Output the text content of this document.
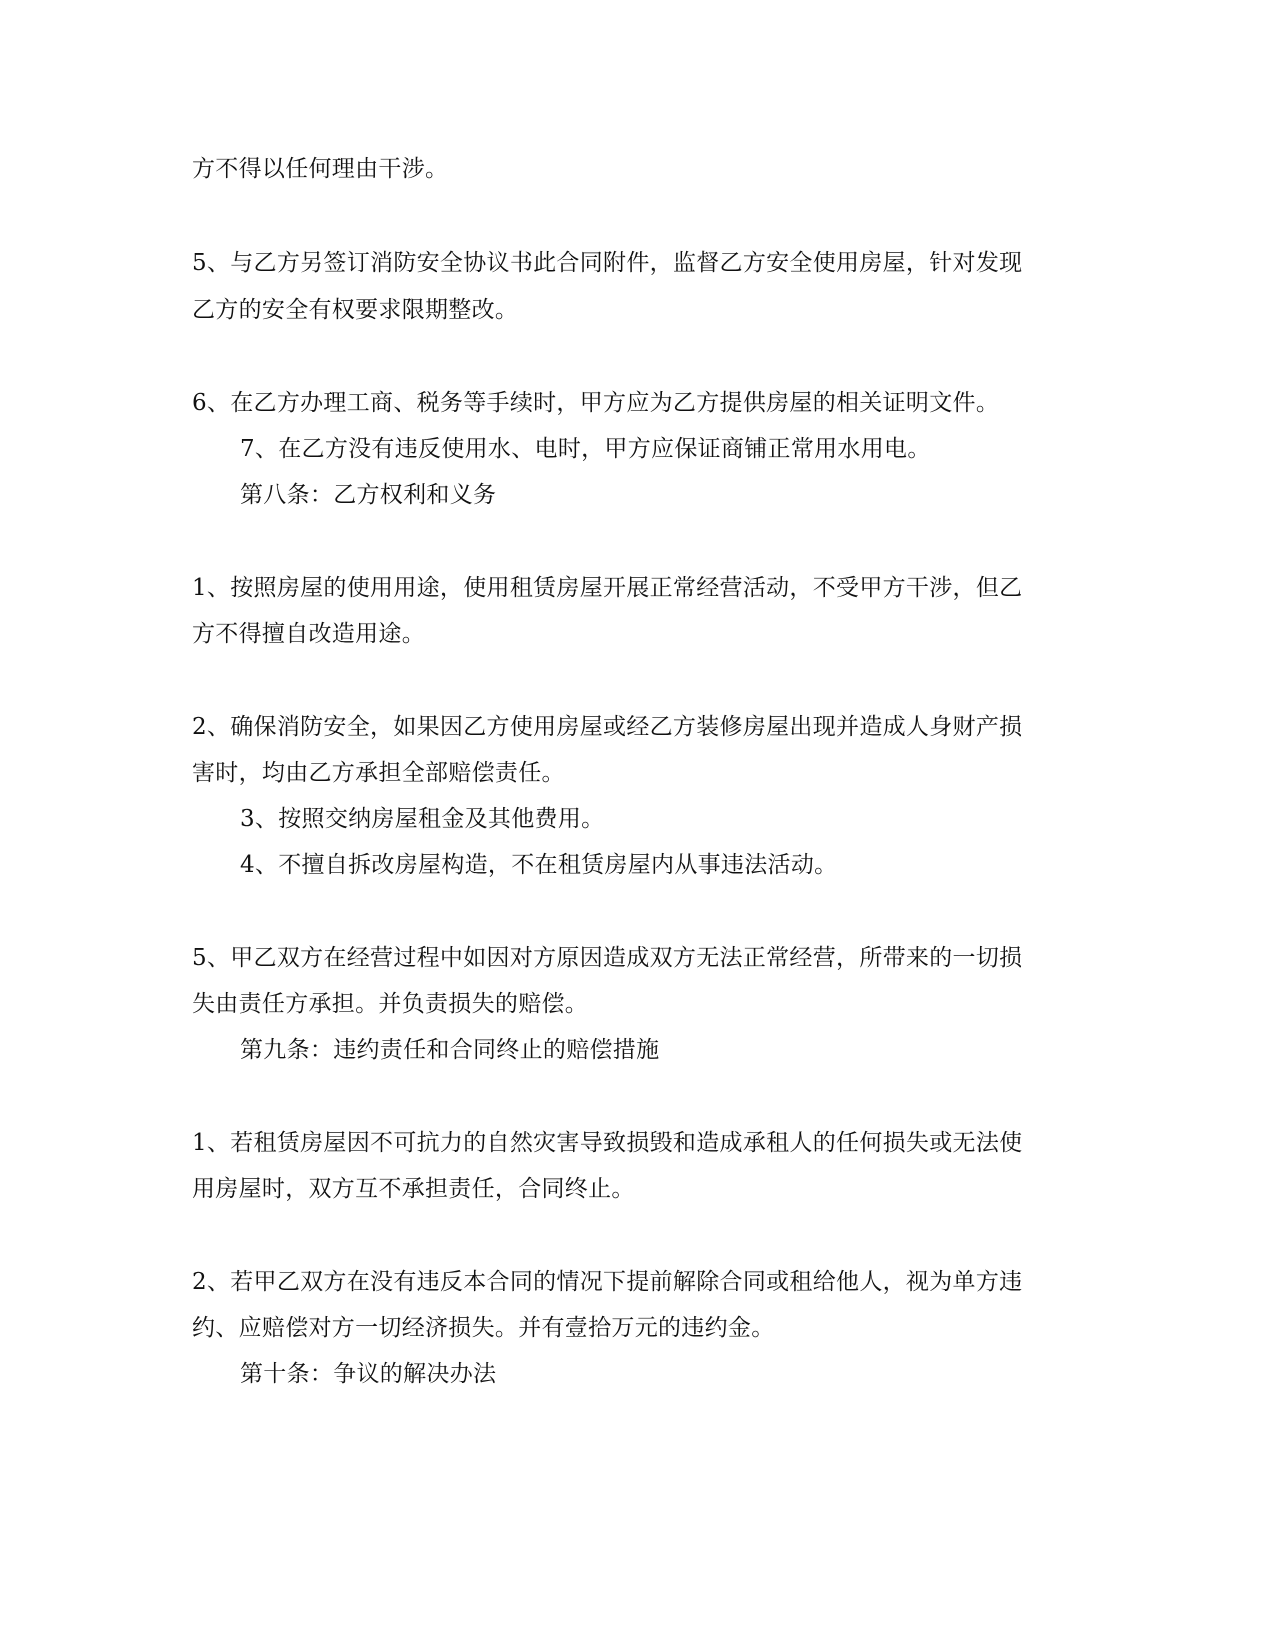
方不得以任何理由干涉。
5、与乙方另签订消防安全协议书此合同附件，监督乙方安全使用房屋，针对发现
乙方的安全有权要求限期整改。
6、在乙方办理工商、税务等手续时，甲方应为乙方提供房屋的相关证明文件。
7、在乙方没有违反使用水、电时，甲方应保证商铺正常用水用电。
第八条：乙方权利和义务
1、按照房屋的使用用途，使用租赁房屋开展正常经营活动，不受甲方干涉，但乙
方不得擅自改造用途。
2、确保消防安全，如果因乙方使用房屋或经乙方装修房屋出现并造成人身财产损
害时，均由乙方承担全部赔偿责任。
3、按照交纳房屋租金及其他费用。
4、不擅自拆改房屋构造，不在租赁房屋内从事违法活动。
5、甲乙双方在经营过程中如因对方原因造成双方无法正常经营，所带来的一切损
失由责任方承担。并负责损失的赔偿。
第九条：违约责任和合同终止的赔偿措施
1、若租赁房屋因不可抗力的自然灾害导致损毁和造成承租人的任何损失或无法使
用房屋时，双方互不承担责任，合同终止。
2、若甲乙双方在没有违反本合同的情况下提前解除合同或租给他人，视为单方违
约、应赔偿对方一切经济损失。并有壹拾万元的违约金。
第十条：争议的解决办法
